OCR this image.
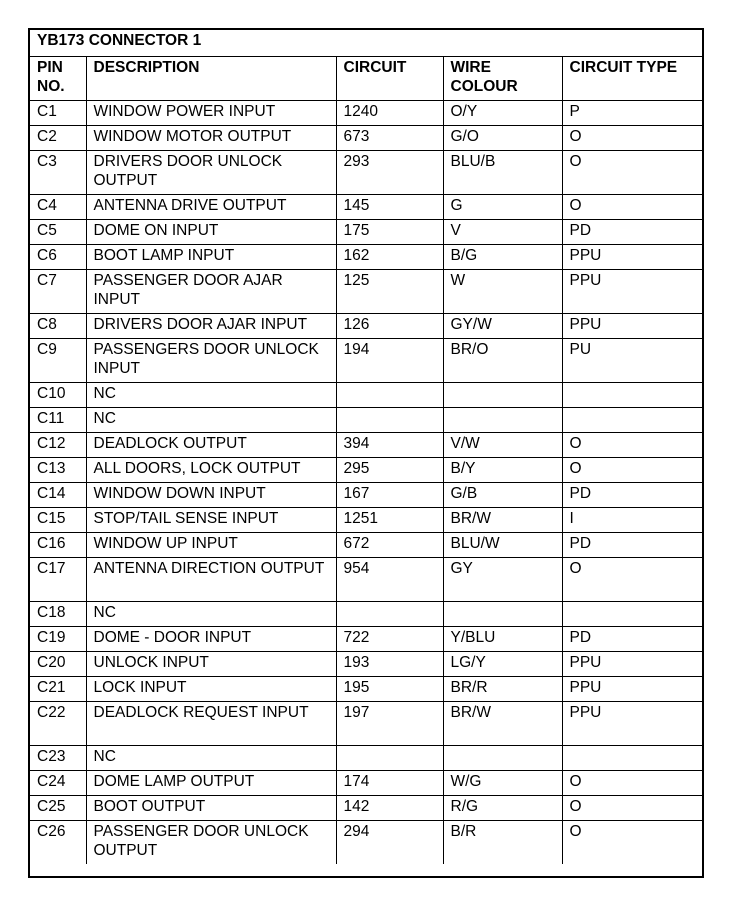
YB173 CONNECTOR 1				
PIN NO.	DESCRIPTION	CIRCUIT	WIRE COLOUR	CIRCUIT TYPE
C1	WINDOW POWER INPUT	1240	O/Y	P
C2	WINDOW MOTOR OUTPUT	673	G/O	O
C3	DRIVERS DOOR UNLOCK OUTPUT	293	BLU/B	O
C4	ANTENNA DRIVE OUTPUT	145	G	O
C5	DOME ON INPUT	175	V	PD
C6	BOOT LAMP INPUT	162	B/G	PPU
C7	PASSENGER DOOR AJAR INPUT	125	W	PPU
C8	DRIVERS DOOR AJAR INPUT	126	GY/W	PPU
C9	PASSENGERS DOOR UNLOCK INPUT	194	BR/O	PU
C10	NC			
C11	NC			
C12	DEADLOCK OUTPUT	394	V/W	O
C13	ALL DOORS, LOCK OUTPUT	295	B/Y	O
C14	WINDOW DOWN INPUT	167	G/B	PD
C15	STOP/TAIL SENSE INPUT	1251	BR/W	I
C16	WINDOW UP INPUT	672	BLU/W	PD
C17	ANTENNA DIRECTION OUTPUT	954	GY	O
C18	NC			
C19	DOME - DOOR INPUT	722	Y/BLU	PD
C20	UNLOCK INPUT	193	LG/Y	PPU
C21	LOCK INPUT	195	BR/R	PPU
C22	DEADLOCK REQUEST INPUT	197	BR/W	PPU
C23	NC			
C24	DOME LAMP OUTPUT	174	W/G	O
C25	BOOT OUTPUT	142	R/G	O
C26	PASSENGER DOOR UNLOCK OUTPUT	294	B/R	O
